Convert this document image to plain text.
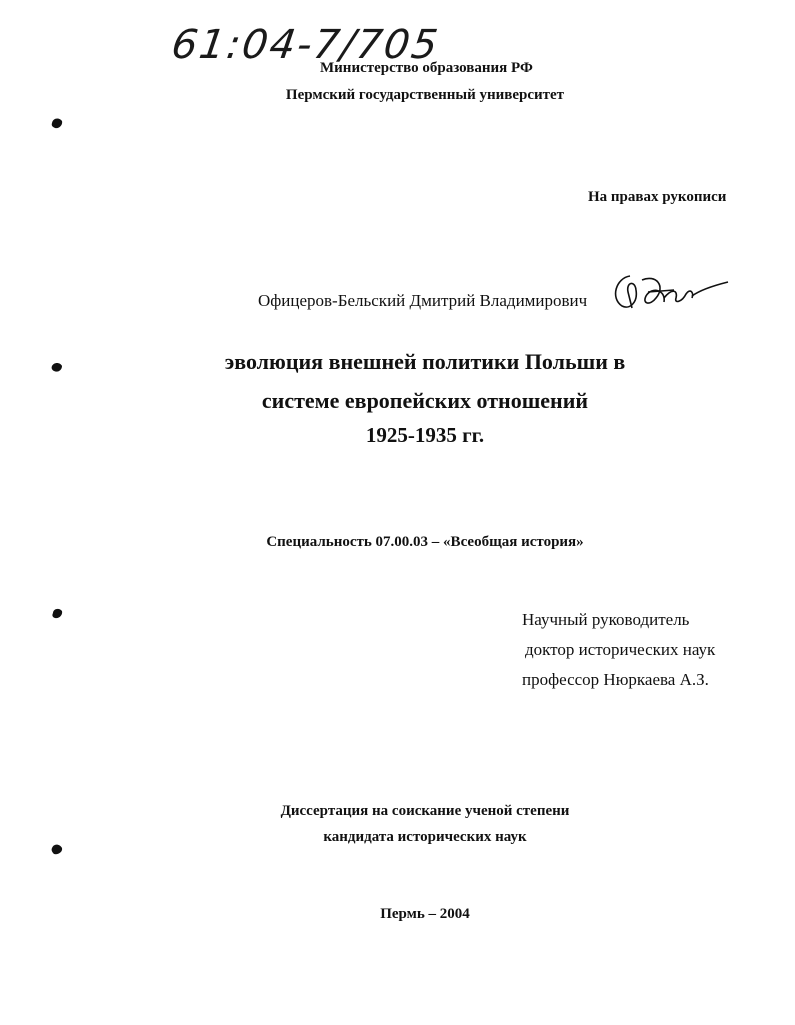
61:04-7/705
Министерство образования РФ
Пермский государственный университет
На правах рукописи
Офицеров-Бельский Дмитрий Владимирович
эволюция внешней политики Польши в
системе европейских отношений
1925-1935 гг.
Специальность 07.00.03 – «Всеобщая история»
Научный руководитель
доктор исторических наук
профессор Нюркаева А.З.
Диссертация на соискание ученой степени
кандидата исторических наук
Пермь – 2004
